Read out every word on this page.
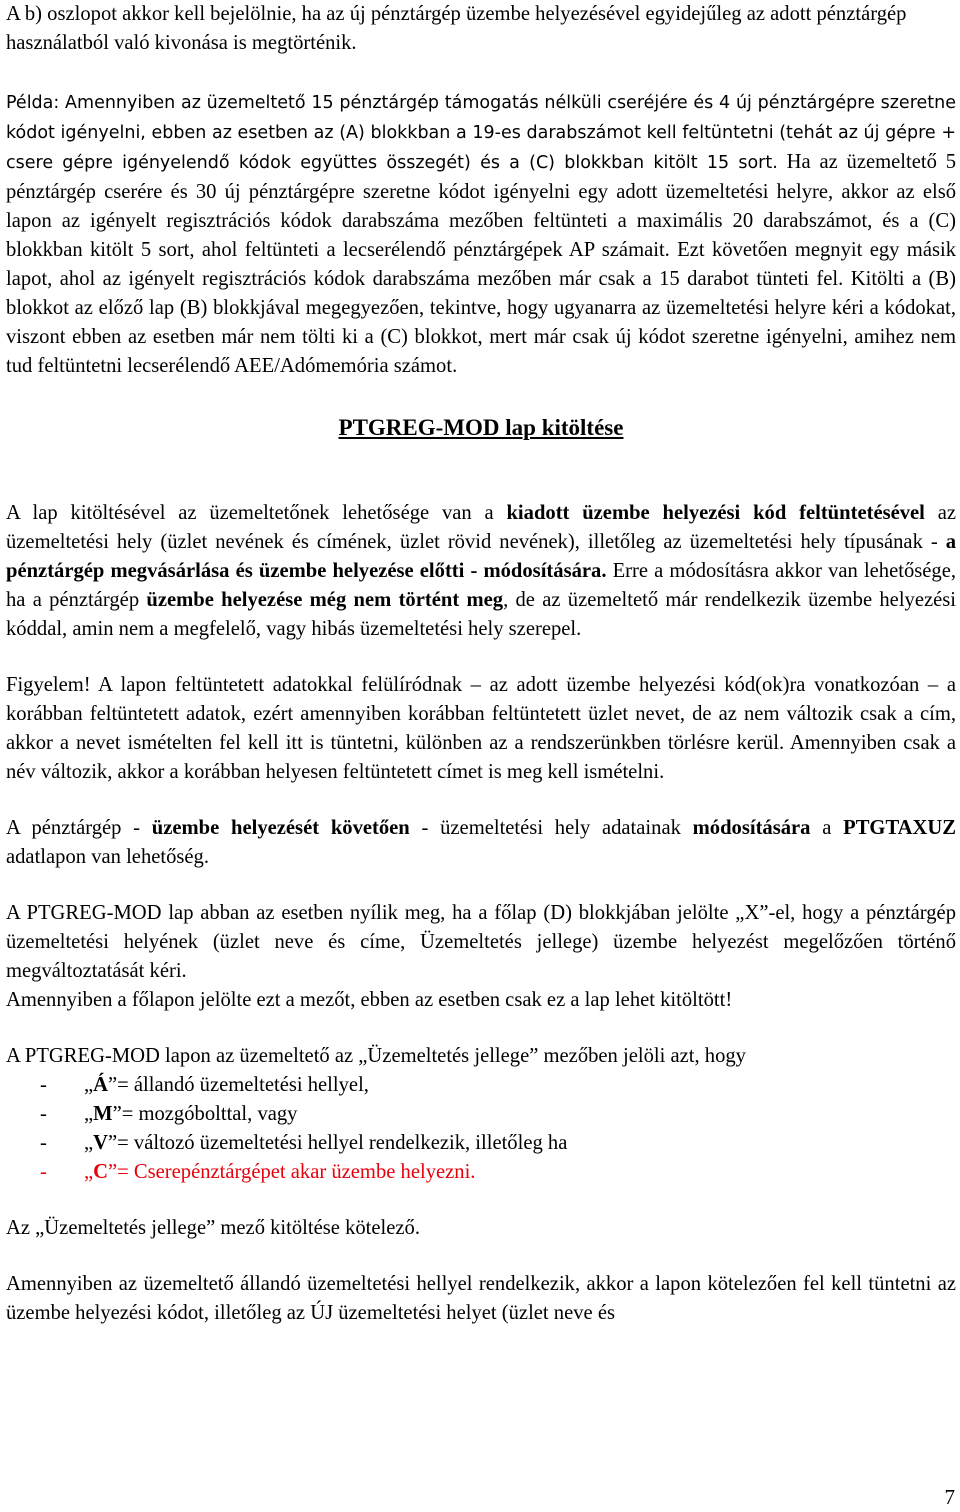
A b) oszlopot akkor kell bejelölnie, ha az új pénztárgép üzembe helyezésével egyidejűleg az adott pénztárgép használatból való kivonása is megtörténik.

Példa: Amennyiben az üzemeltető 15 pénztárgép támogatás nélküli cseréjére és 4 új pénztárgépre szeretne kódot igényelni, ebben az esetben az (A) blokkban a 19-es darabszámot kell feltüntetni (tehát az új gépre + csere gépre igényelendő kódok együttes összegét) és a (C) blokkban kitölt 15 sort. Ha az üzemeltető 5 pénztárgép cserére és 30 új pénztárgépre szeretne kódot igényelni egy adott üzemeltetési helyre, akkor az első lapon az igényelt regisztrációs kódok darabszáma mezőben feltünteti a maximális 20 darabszámot, és a (C) blokkban kitölt 5 sort, ahol feltünteti a lecserélendő pénztárgépek AP számait. Ezt követően megnyit egy másik lapot, ahol az igényelt regisztrációs kódok darabszáma mezőben már csak a 15 darabot tünteti fel. Kitölti a (B) blokkot az előző lap (B) blokkjával megegyezően, tekintve, hogy ugyanarra az üzemeltetési helyre kéri a kódokat, viszont ebben az esetben már nem tölti ki a (C) blokkot, mert már csak új kódot szeretne igényelni, amihez nem tud feltüntetni lecserélendő AEE/Adómemória számot.

PTGREG-MOD lap kitöltése

A lap kitöltésével az üzemeltetőnek lehetősége van a kiadott üzembe helyezési kód feltüntetésével az üzemeltetési hely (üzlet nevének és címének, üzlet rövid nevének), illetőleg az üzemeltetési hely típusának - a pénztárgép megvásárlása és üzembe helyezése előtti - módosítására. Erre a módosításra akkor van lehetősége, ha a pénztárgép üzembe helyezése még nem történt meg, de az üzemeltető már rendelkezik üzembe helyezési kóddal, amin nem a megfelelő, vagy hibás üzemeltetési hely szerepel.

Figyelem! A lapon feltüntetett adatokkal felülíródnak – az adott üzembe helyezési kód(ok)ra vonatkozóan – a korábban feltüntetett adatok, ezért amennyiben korábban feltüntetett üzlet nevet, de az nem változik csak a cím, akkor a nevet ismételten fel kell itt is tüntetni, különben az a rendszerünkben törlésre kerül. Amennyiben csak a név változik, akkor a korábban helyesen feltüntetett címet is meg kell ismételni.

A pénztárgép - üzembe helyezését követően - üzemeltetési hely adatainak módosítására a PTGTAXUZ adatlapon van lehetőség.

A PTGREG-MOD lap abban az esetben nyílik meg, ha a főlap (D) blokkjában jelölte „X”-el, hogy a pénztárgép üzemeltetési helyének (üzlet neve és címe, Üzemeltetés jellege) üzembe helyezést megelőzően történő megváltoztatását kéri.

Amennyiben a főlapon jelölte ezt a mezőt, ebben az esetben csak ez a lap lehet kitöltött!

A PTGREG-MOD lapon az üzemeltető az „Üzemeltetés jellege” mezőben jelöli azt, hogy

-	„Á”= állandó üzemeltetési hellyel,
-	„M”= mozgóbolttal, vagy
-	„V”= változó üzemeltetési hellyel rendelkezik, illetőleg ha
-	„C”= Cserepénztárgépet akar üzembe helyezni.

Az „Üzemeltetés jellege” mező kitöltése kötelező.

Amennyiben az üzemeltető állandó üzemeltetési hellyel rendelkezik, akkor a lapon kötelezően fel kell tüntetni az üzembe helyezési kódot, illetőleg az ÚJ üzemeltetési helyet (üzlet neve és

7
